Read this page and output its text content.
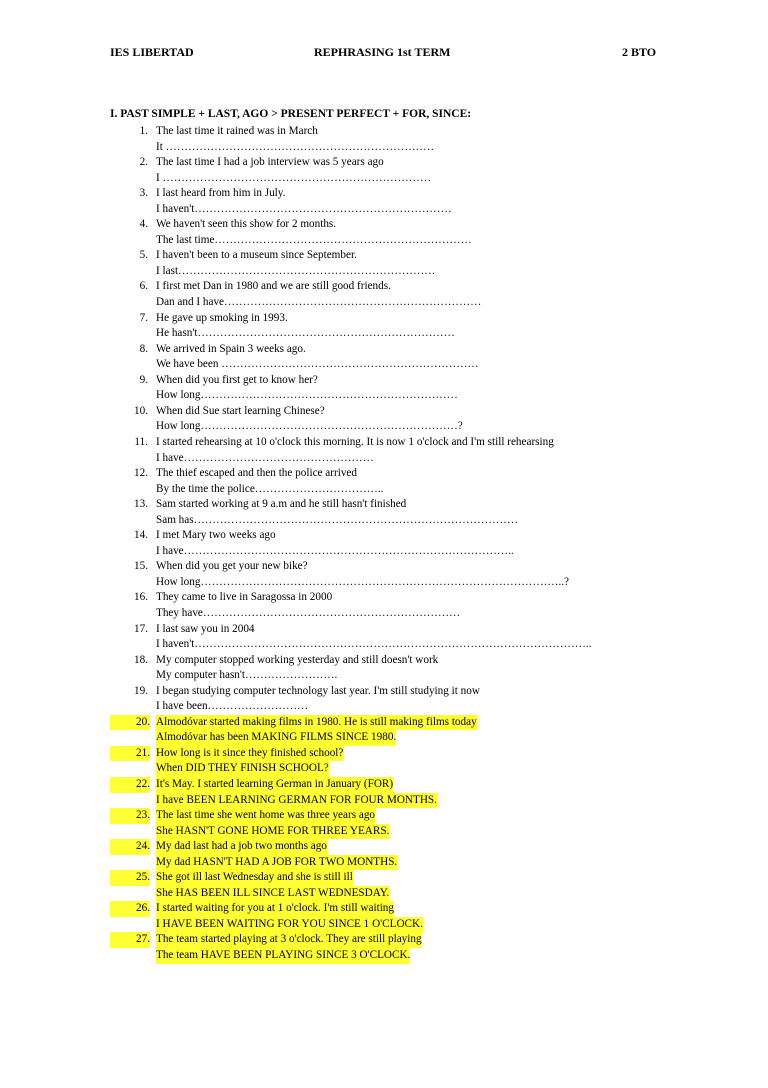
IES LIBERTAD	REPHRASING 1st TERM	2 BTO
I. PAST SIMPLE + LAST, AGO > PRESENT PERFECT + FOR, SINCE:
1. The last time it rained was in March
It ………………………………………………………………
2. The last time I had a job interview was 5 years ago
I ………………………………………………………………
3. I last heard from him in July.
I haven't……………………………………………………………
4. We haven't seen this show for 2 months.
The last time……………………………………………………………
5. I haven't been to a museum since September.
I last……………………………………………………………
6. I first met Dan in 1980 and we are still good friends.
Dan and I have……………………………………………………………
7. He gave up smoking in 1993.
He hasn't……………………………………………………………
8. We arrived in Spain 3 weeks ago.
We have been ……………………………………………………………
9. When did you first get to know her?
How long……………………………………………………………
10. When did Sue start learning Chinese?
How long……………………………………………………………?
11. I started rehearsing at 10 o'clock this morning. It is now 1 o'clock and I'm still rehearsing
I have……………………………………………
12. The thief escaped and then the police arrived
By the time the police……………………………..
13. Sam started working at 9 a.m and he still hasn't finished
Sam has……………………………………………………………………………
14. I met Mary two weeks ago
I have……………………………………………………………………………..
15. When did you get your new bike?
How long……………………………………………………………………………………..?
16. They came to live in Saragossa in 2000
They have……………………………………………………………
17. I last saw you in 2004
I haven't……………………………………………………………………………………………..
18. My computer stopped working yesterday and still doesn't work
My computer hasn't…………………….
19. I began studying computer technology last year. I'm still studying it now
I have been………………………
20. Almodóvar started making films in 1980. He is still making films today
Almodóvar has been MAKING FILMS SINCE 1980.
21. How long is it since they finished school?
When DID THEY FINISH SCHOOL?
22. It's May. I started learning German in January (FOR)
I have BEEN LEARNING GERMAN FOR FOUR MONTHS.
23. The last time she went home was three years ago
She HASN'T GONE HOME FOR THREE YEARS.
24. My dad last had a job two months ago
My dad HASN'T HAD A JOB FOR TWO MONTHS.
25. She got ill last Wednesday and she is still ill
She HAS BEEN ILL SINCE LAST WEDNESDAY.
26. I started waiting for you at 1 o'clock. I'm still waiting
I HAVE BEEN WAITING FOR YOU SINCE 1 O'CLOCK.
27. The team started playing at 3 o'clock. They are still playing
The team HAVE BEEN PLAYING SINCE 3 O'CLOCK.
